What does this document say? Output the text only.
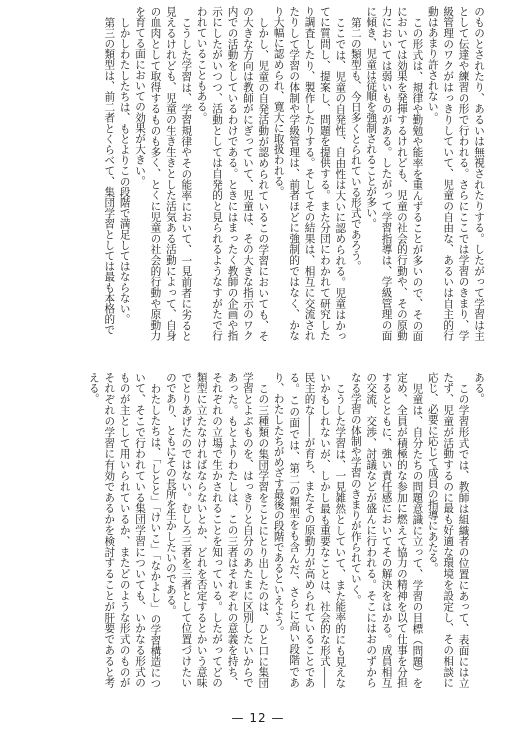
のものとされたり、あるいは無視されたりする。したがって学習は主として伝達や練習の形で行われる。さらにここでは学習のきまり、学級管理のワクがはっきりしていて、児童の自由な、あるいは自主的行動はあまり許されない。

この形式は、規律や勤勉や能率を重んずることが多いので、その面においては効果を発揮するけれども、児童の社会的行動や、その原動力においては弱いものがある。したがって学習指導は、学級管理の面に傾き、児童は従順を強制されることが多い。

第二の類型も、今日多くとられている形式であろう。

ここでは、児童の自発性、自由性は大いに認められる。児童はかってに質問し、提案し、問題を提供する。また分団にわかれて研究したり調査したり、製作したりする。そしてその結果は、相互に交流されたりして学習の体制や学級管理は、前者ほどに強制的ではなく、かなり大幅に認められ、寛大に取扱われる。

しかし、児童の自発活動が認められているこの学習においても、その大きな方向は教師がにぎっていて、児童は、その大きな指示のワク内での活動をしているわけである。ときにはまったく教師の企画や指示にしたがいつつ、活動としては自発的と見られるようなすがたで行われていることもある。

こうした学習は、学習規律やその能率において、一見前者に劣ると見えるけれども、児童の生き生きとした活気ある活動によって、自身の血肉として取得するものも多く、とくに児童の社会的行動や原動力を育てる面においての効果が大きい。

しかしわたしたちは、もとよりこの段階で満足してはならない。

第三の類型は、前二者とくらべて、集団学習としては最も本格的で

ある。

この学習形式では、教師は組織者の位置にあって、表面には立たず、児童が活動するのに最も好適な環境を設定し、その相談に応じ、必要に応じて成員の指導にあたる。

児童は、自分たちの問題意識に立って、学習の目標（問題）を定め、全員が積極的な参加に燃えて協力の精神を以て仕事を分担するとともに、強い責任感においてその解決をはかる。成員相互の交流、交渉、討議などが盛んに行われる。そこにはおのずからなる学習の体制や学習のきまりが作られていく。

こうした学習は、一見雑然としていて、また能率的にも見えないかもしれないが、しかし最も重要なことは、社会的な形式――民主的な――が育ち、またその原動力が高められていることである。この面では、第二の類型をも含んだ、さらに高い段階であり、わたしたちがめざす最後の段階であるといえよう。

この三種類の集団学習をことにとり出したのは、ひと口に集団学習とよぶものを、はっきりと自分のあたまに区別したいからであった。もとよりわたしは、この三者はそれぞれの意義を持ち、それぞれの立場で生かされることを知っている。したがってどの類型に立たなければならないとか、どれを否定するとかいう意味でとりあげたのではない。むしろ三者を三者として位置づけたいのであり、ともにその長所を生かしたいのである。

わたしたちは、「しとと」「けいこ」「なかよし」の学習構造について、そこで行われている集団学習についても、いかなる形式のものが主として用いられているか、またどのような形式のものがそれぞれの学習に有効であるかを検討することが肝要であると考える。

— 12 —
